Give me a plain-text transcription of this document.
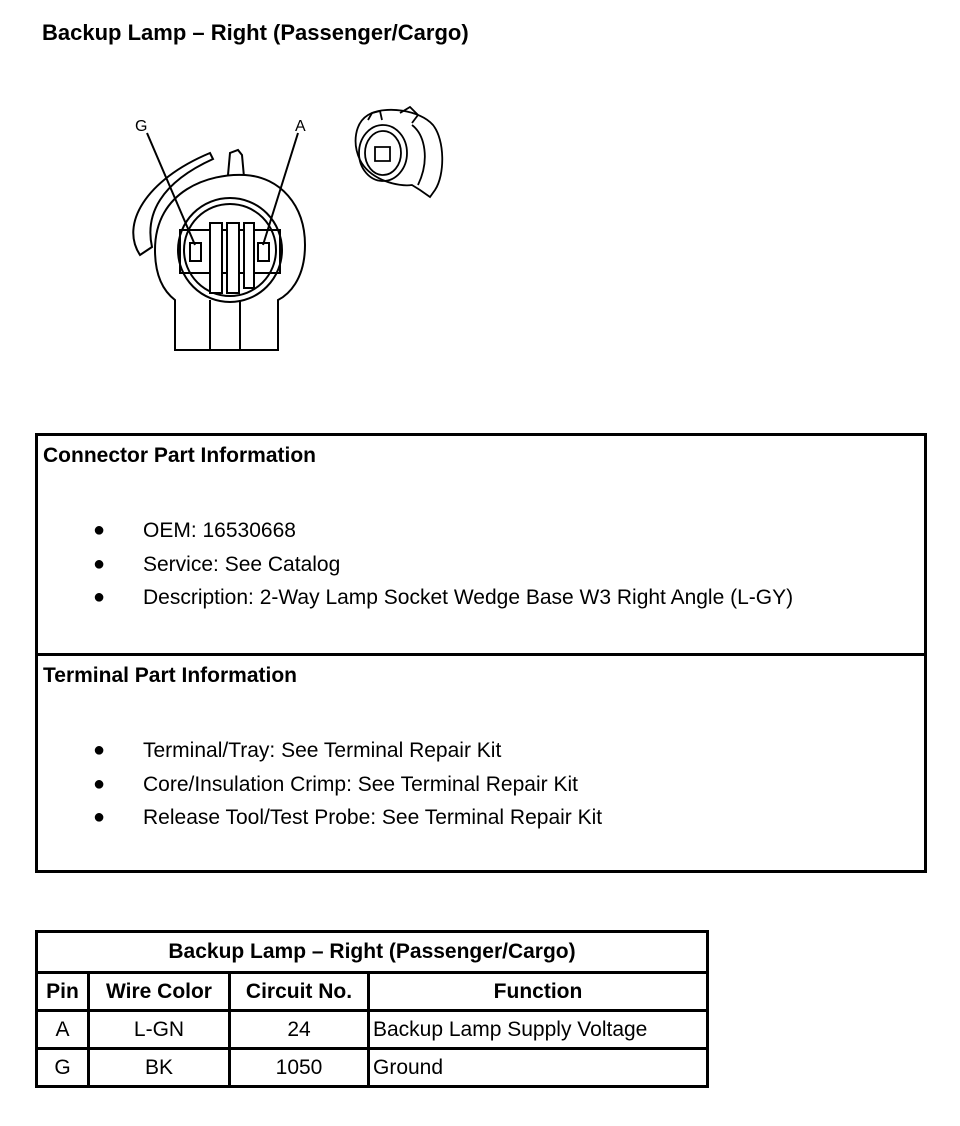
Backup Lamp – Right (Passenger/Cargo)
G	A
Connector Part Information
● OEM: 16530668
● Service: See Catalog
● Description: 2-Way Lamp Socket Wedge Base W3 Right Angle (L-GY)
Terminal Part Information
● Terminal/Tray: See Terminal Repair Kit
● Core/Insulation Crimp: See Terminal Repair Kit
● Release Tool/Test Probe: See Terminal Repair Kit
Backup Lamp – Right (Passenger/Cargo)			
Pin	Wire Color	Circuit No.	Function
A	L-GN	24	Backup Lamp Supply Voltage
G	BK	1050	Ground
